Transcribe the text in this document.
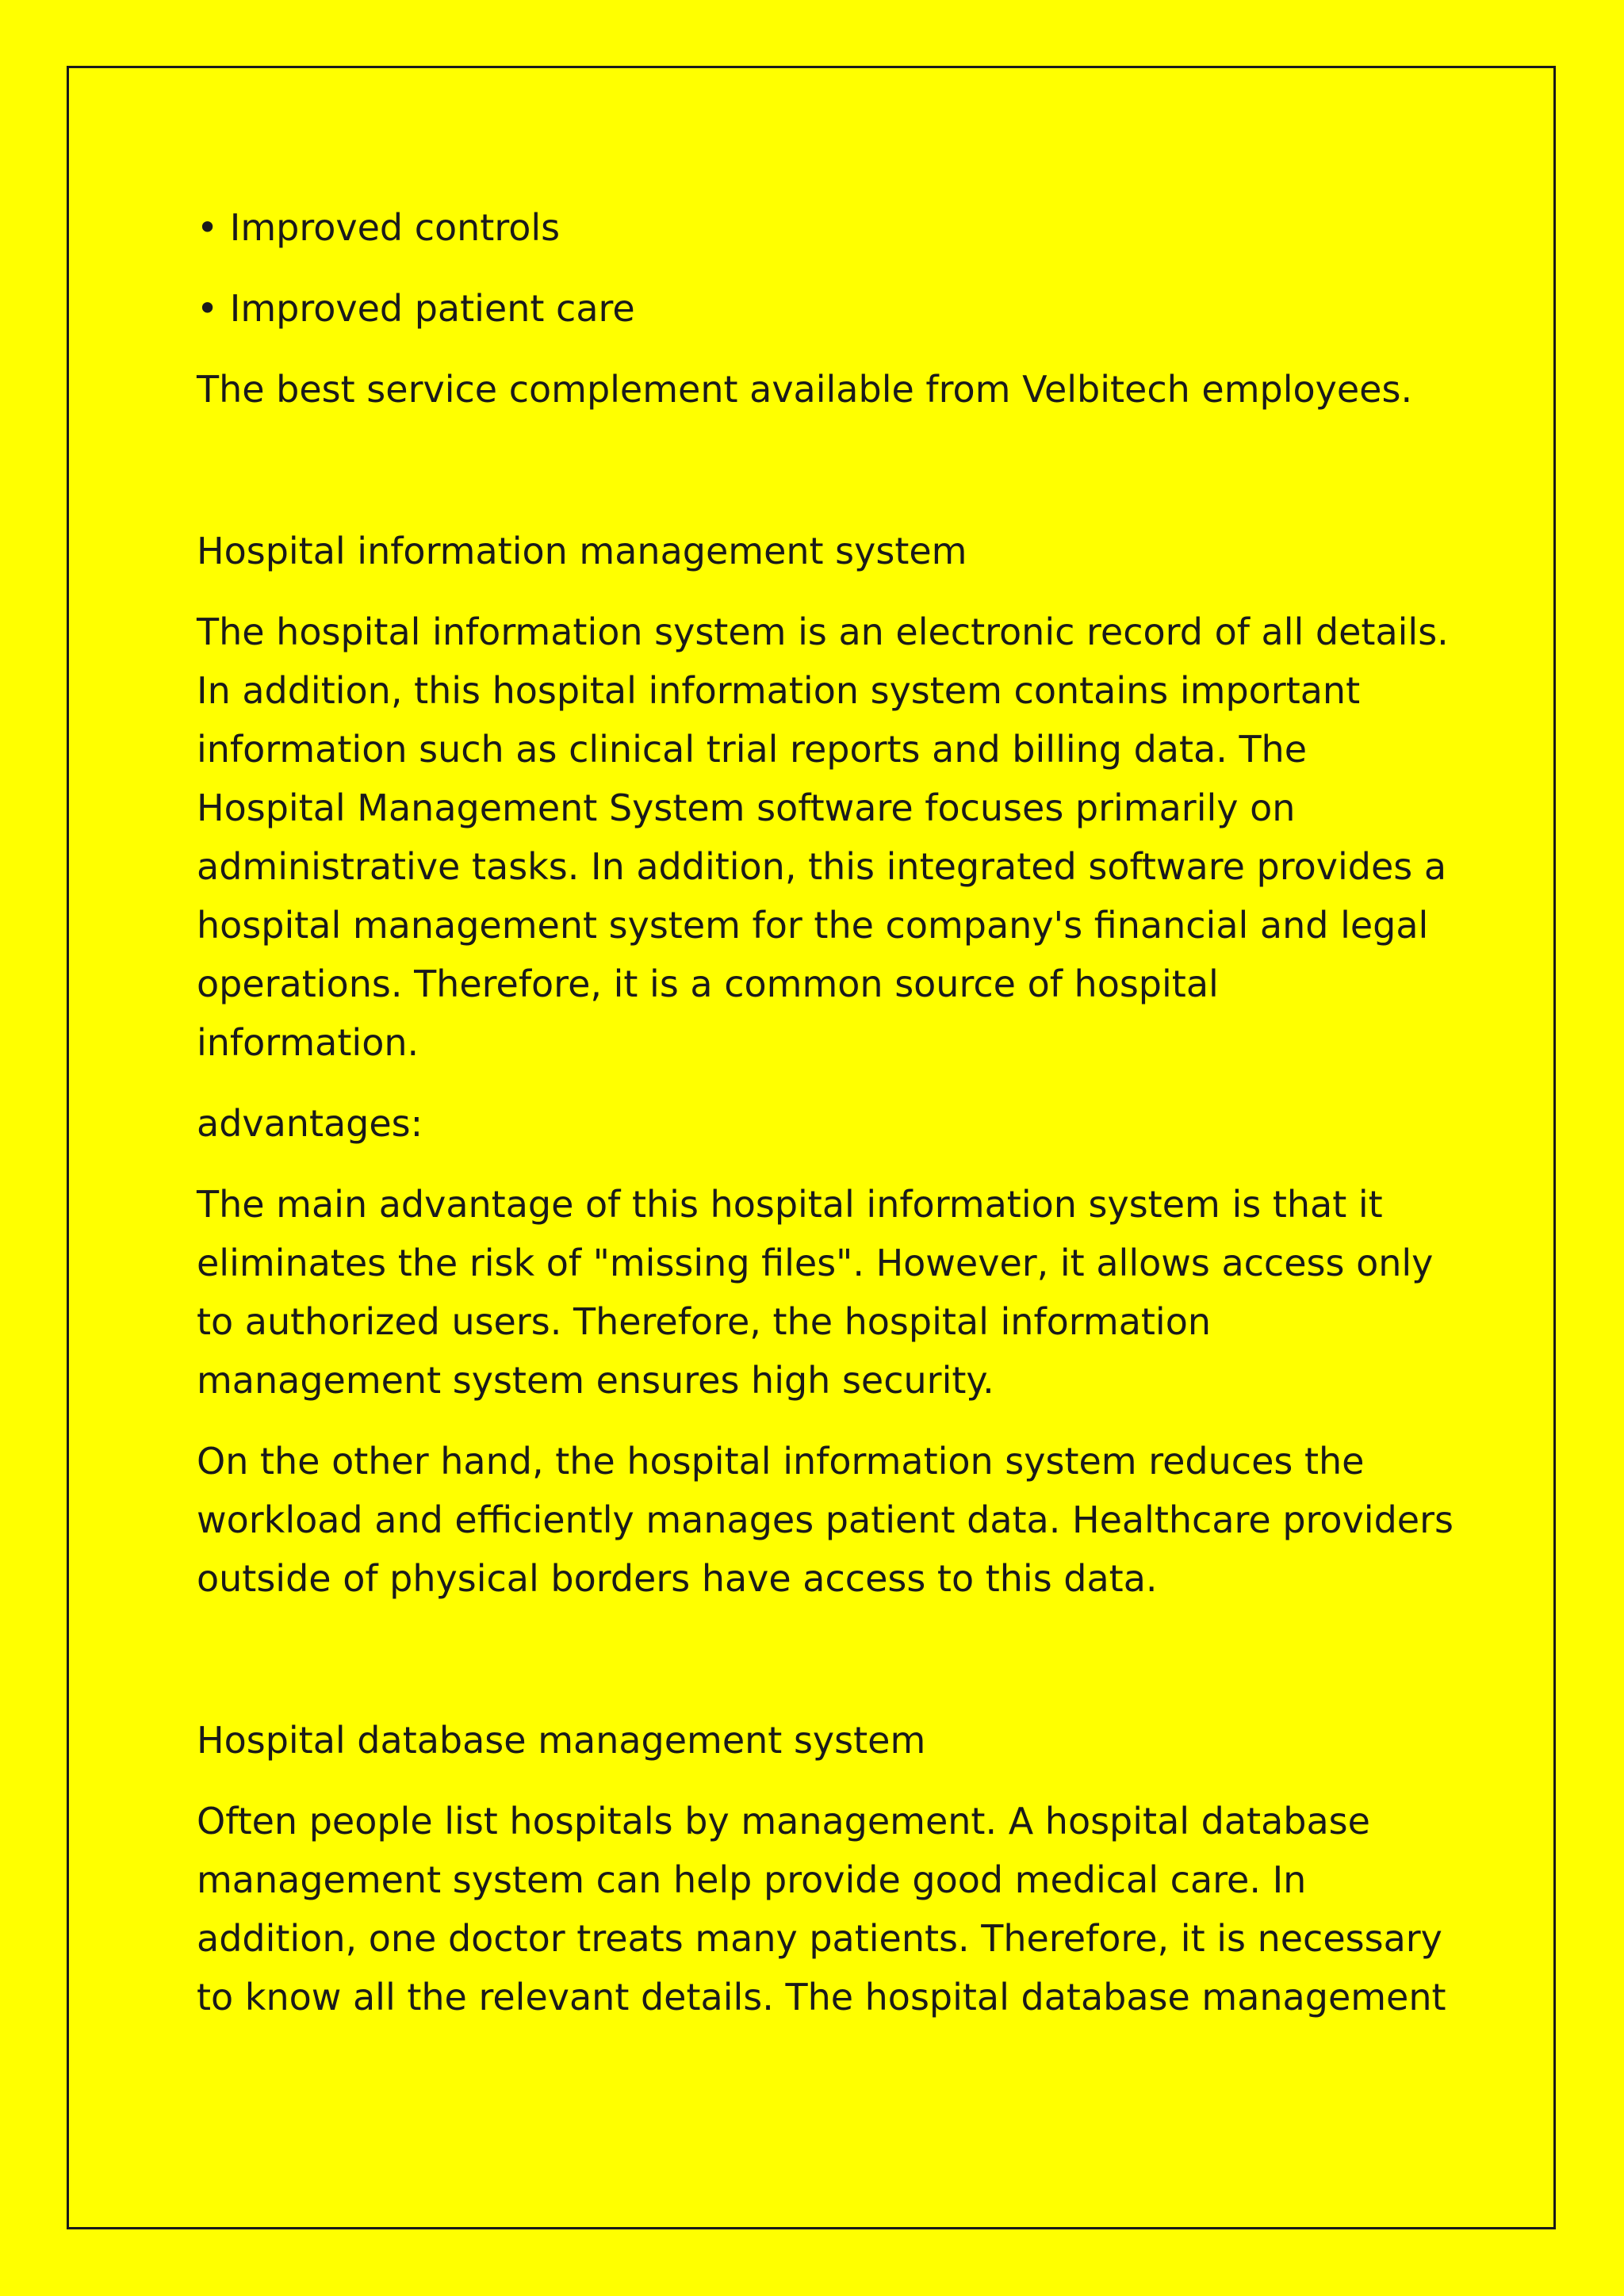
• Improved controls

• Improved patient care

The best service complement available from Velbitech employees.

Hospital information management system

The hospital information system is an electronic record of all details.
In addition, this hospital information system contains important
information such as clinical trial reports and billing data. The
Hospital Management System software focuses primarily on
administrative tasks. In addition, this integrated software provides a
hospital management system for the company's financial and legal
operations. Therefore, it is a common source of hospital
information.

advantages:

The main advantage of this hospital information system is that it
eliminates the risk of "missing files". However, it allows access only
to authorized users. Therefore, the hospital information
management system ensures high security.

On the other hand, the hospital information system reduces the
workload and efficiently manages patient data. Healthcare providers
outside of physical borders have access to this data.

Hospital database management system

Often people list hospitals by management. A hospital database
management system can help provide good medical care. In
addition, one doctor treats many patients. Therefore, it is necessary
to know all the relevant details. The hospital database management
